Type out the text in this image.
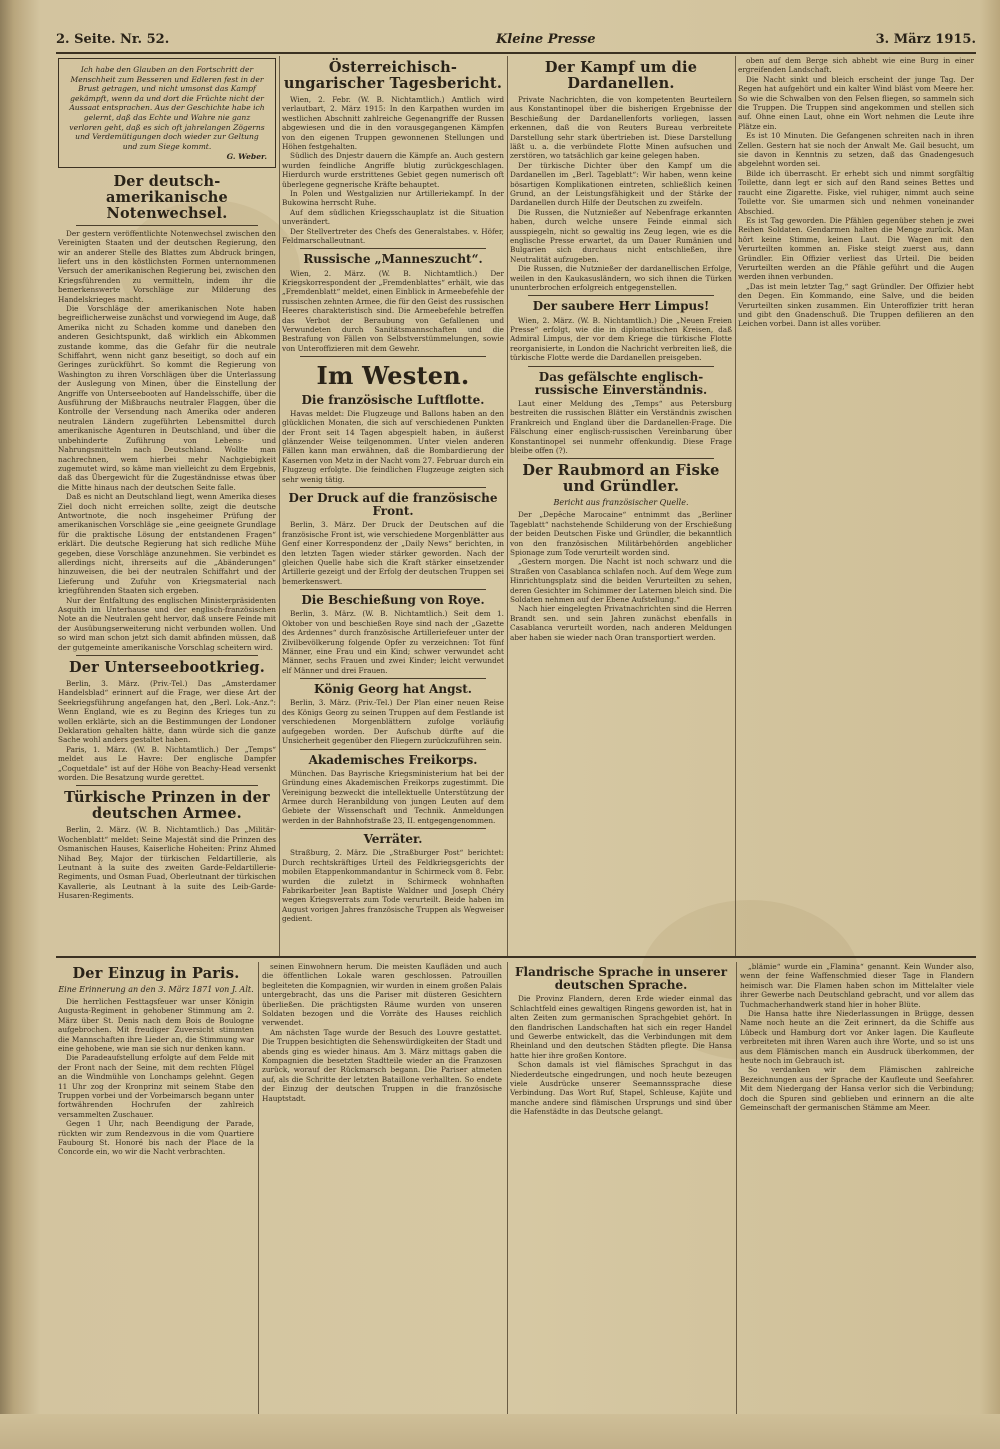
2. Seite. Nr. 52.	Kleine Presse	3. März 1915.
Ich habe den Glauben an den Fortschritt der Menschheit zum Besseren und Edleren fest in der Brust getragen, und nicht umsonst das Kampf gekämpft, wenn da und dort die Früchte nicht der Aussaat entsprachen. Aus der Geschichte habe ich gelernt, daß das Echte und Wahre nie ganz verloren geht, daß es sich oft jahrelangen Zögerns und Verdemütigungen doch wieder zur Geltung und zum Siege kommt.
G. Weber.
Der deutsch-amerikanische Notenwechsel.

Der gestern veröffentlichte Notenwechsel zwischen den Vereinigten Staaten und der deutschen Regierung, den wir an anderer Stelle des Blattes zum Abdruck bringen, liefert uns in den köstlichsten Formen unternommenen Versuch der amerikanischen Regierung bei, zwischen den Kriegsführenden zu vermitteln, indem ihr die bemerkenswerte Vorschläge zur Milderung des Handelskrieges macht.

Die Vorschläge der amerikanischen Note haben begreiflicherweise zunächst und vorwiegend im Auge, daß Amerika nicht zu Schaden komme und daneben den anderen Gesichtspunkt, daß wirklich ein Abkommen zustande komme, das die Gefahr für die neutrale Schiffahrt, wenn nicht ganz beseitigt, so doch auf ein Geringes zurückführt. So kommt die Regierung von Washington zu ihren Vorschlägen über die Unterlassung der Auslegung von Minen, über die Einstellung der Angriffe von Unterseebooten auf Handelsschiffe, über die Ausführung der Mißbrauchs neutraler Flaggen, über die Kontrolle der Versendung nach Amerika oder anderen neutralen Ländern zugeführten Lebensmittel durch amerikanische Agenturen in Deutschland, und über die unbehinderte Zuführung von Lebens- und Nahrungsmitteln nach Deutschland. Wollte man nachrechnen, wem hierbei mehr Nachgiebigkeit zugemutet wird, so käme man vielleicht zu dem Ergebnis, daß das Übergewicht für die Zugeständnisse etwas über die Mitte hinaus nach der deutschen Seite falle.

Daß es nicht an Deutschland liegt, wenn Amerika dieses Ziel doch nicht erreichen sollte, zeigt die deutsche Antwortnote, die noch insgeheimer Prüfung der amerikanischen Vorschläge sie „eine geeignete Grundlage für die praktische Lösung der entstandenen Fragen“ erklärt. Die deutsche Regierung hat sich redliche Mühe gegeben, diese Vorschläge anzunehmen. Sie verbindet es allerdings nicht, ihrerseits auf die „Abänderungen“ hinzuweisen, die bei der neutralen Schiffahrt und der Lieferung und Zufuhr von Kriegsmaterial nach kriegführenden Staaten sich ergeben.

Nur der Entfaltung des englischen Ministerpräsidenten Asquith im Unterhause und der englisch-französischen Note an die Neutralen geht hervor, daß unsere Feinde mit der Ausübungserweiterung nicht verbunden wollen. Und so wird man schon jetzt sich damit abfinden müssen, daß der gutgemeinte amerikanische Vorschlag scheitern wird.

Der Unterseebootkrieg.

Berlin, 3. März. (Priv.-Tel.) Das „Amsterdamer Handelsblad“ erinnert auf die Frage, wer diese Art der Seekriegsführung angefangen hat, den „Berl. Lok.-Anz.“: Wenn England, wie es zu Beginn des Krieges tun zu wollen erklärte, sich an die Bestimmungen der Londoner Deklaration gehalten hätte, dann würde sich die ganze Sache wohl anders gestaltet haben.

Paris, 1. März. (W. B. Nichtamtlich.) Der „Temps“ meldet aus Le Havre: Der englische Dampfer „Coquetdale“ ist auf der Höhe von Beachy-Head versenkt worden. Die Besatzung wurde gerettet.

Türkische Prinzen in der deutschen Armee.

Berlin, 2. März. (W. B. Nichtamtlich.) Das „Militär-Wochenblatt“ meldet: Seine Majestät sind die Prinzen des Osmanischen Hauses, Kaiserliche Hoheiten: Prinz Ahmed Nihad Bey, Major der türkischen Feldartillerie, als Leutnant à la suite des zweiten Garde-Feldartillerie-Regiments, und Osman Fuad, Oberleutnant der türkischen Kavallerie, als Leutnant à la suite des Leib-Garde-Husaren-Regiments.

Österreichisch-ungarischer Tagesbericht.

Wien, 2. Febr. (W. B. Nichtamtlich.) Amtlich wird verlautbart, 2. März 1915: In den Karpathen wurden im westlichen Abschnitt zahlreiche Gegenangriffe der Russen abgewiesen und die in den vorausgegangenen Kämpfen von den eigenen Truppen gewonnenen Stellungen und Höhen festgehalten.

Südlich des Dnjestr dauern die Kämpfe an. Auch gestern wurden feindliche Angriffe blutig zurückgeschlagen. Hierdurch wurde erstrittenes Gebiet gegen numerisch oft überlegene gegnerische Kräfte behauptet.

In Polen und Westgalizien nur Artilleriekampf. In der Bukowina herrscht Ruhe.

Auf dem südlichen Kriegsschauplatz ist die Situation unverändert.

Der Stellvertreter des Chefs des Generalstabes. v. Höfer, Feldmarschalleutnant.

Russische „Manneszucht“.

Wien, 2. März. (W. B. Nichtamtlich.) Der Kriegskorrespondent der „Fremdenblattes“ erhält, wie das „Fremdenblatt“ meldet, einen Einblick in Armeebefehle der russischen zehnten Armee, die für den Geist des russischen Heeres charakteristisch sind. Die Armeebefehle betreffen das Verbot der Beraubung von Gefallenen und Verwundeten durch Sanitätsmannschaften und die Bestrafung von Fällen von Selbstverstümmelungen, sowie von Unteroffizieren mit dem Gewehr.

Im Westen.
Die französische Luftflotte.

Havas meldet: Die Flugzeuge und Ballons haben an den glücklichen Monaten, die sich auf verschiedenen Punkten der Front seit 14 Tagen abgespielt haben, in äußerst glänzender Weise teilgenommen. Unter vielen anderen Fällen kann man erwähnen, daß die Bombardierung der Kasernen von Metz in der Nacht vom 27. Februar durch ein Flugzeug erfolgte. Die feindlichen Flugzeuge zeigten sich sehr wenig tätig.

Der Druck auf die französische Front.

Berlin, 3. März. Der Druck der Deutschen auf die französische Front ist, wie verschiedene Morgenblätter aus Genf einer Korrespondenz der „Daily News“ berichten, in den letzten Tagen wieder stärker geworden. Nach der gleichen Quelle habe sich die Kraft stärker einsetzender Artillerie gezeigt und der Erfolg der deutschen Truppen sei bemerkenswert.

Die Beschießung von Roye.

Berlin, 3. März. (W. B. Nichtamtlich.) Seit dem 1. Oktober von und beschießen Roye sind nach der „Gazette des Ardennes“ durch französische Artilleriefeuer unter der Zivilbevölkerung folgende Opfer zu verzeichnen: Tot fünf Männer, eine Frau und ein Kind; schwer verwundet acht Männer, sechs Frauen und zwei Kinder; leicht verwundet elf Männer und drei Frauen.

König Georg hat Angst.

Berlin, 3. März. (Priv.-Tel.) Der Plan einer neuen Reise des Königs Georg zu seinen Truppen auf dem Festlande ist verschiedenen Morgenblättern zufolge vorläufig aufgegeben worden. Der Aufschub dürfte auf die Unsicherheit gegenüber den Fliegern zurückzuführen sein.

Akademisches Freikorps.

München. Das Bayrische Kriegsministerium hat bei der Gründung eines Akademischen Freikorps zugestimmt. Die Vereinigung bezweckt die intellektuelle Unterstützung der Armee durch Heranbildung von jungen Leuten auf dem Gebiete der Wissenschaft und Technik. Anmeldungen werden in der Bahnhofstraße 23, II. entgegengenommen.

Verräter.

Straßburg, 2. März. Die „Straßburger Post“ berichtet: Durch rechtskräftiges Urteil des Feldkriegsgerichts der mobilen Etappenkommandantur in Schirmeck vom 8. Febr. wurden die zuletzt in Schirmeck wohnhaften Fabrikarbeiter Jean Baptiste Waldner und Joseph Chéry wegen Kriegsverrats zum Tode verurteilt. Beide haben im August vorigen Jahres französische Truppen als Wegweiser gedient.

Der Kampf um die Dardanellen.

Private Nachrichten, die von kompetenten Beurteilern aus Konstantinopel über die bisherigen Ergebnisse der Beschießung der Dardanellenforts vorliegen, lassen erkennen, daß die von Reuters Bureau verbreitete Darstellung sehr stark übertrieben ist. Diese Darstellung läßt u. a. die verbündete Flotte Minen aufsuchen und zerstören, wo tatsächlich gar keine gelegen haben.

Der türkische Dichter über den Kampf um die Dardanellen im „Berl. Tageblatt“: Wir haben, wenn keine bösartigen Komplikationen eintreten, schließlich keinen Grund, an der Leistungsfähigkeit und der Stärke der Dardanellen durch Hilfe der Deutschen zu zweifeln.

Die Russen, die Nutznießer auf Nebenfrage erkannten haben, durch welche unsere Feinde einmal sich ausspiegeln, nicht so gewaltig ins Zeug legen, wie es die englische Presse erwartet, da um Dauer Rumänien und Bulgarien sich durchaus nicht entschließen, ihre Neutralität aufzugeben.

Die Russen, die Nutznießer der dardanellischen Erfolge, weilen in den Kaukasusländern, wo sich ihnen die Türken ununterbrochen erfolgreich entgegenstellen.

Der saubere Herr Limpus!

Wien, 2. März. (W. B. Nichtamtlich.) Die „Neuen Freien Presse“ erfolgt, wie die in diplomatischen Kreisen, daß Admiral Limpus, der vor dem Kriege die türkische Flotte reorganisierte, in London die Nachricht verbreiten ließ, die türkische Flotte werde die Dardanellen preisgeben.

Das gefälschte englisch-russische Einverständnis.

Laut einer Meldung des „Temps“ aus Petersburg bestreiten die russischen Blätter ein Verständnis zwischen Frankreich und England über die Dardanellen-Frage. Die Fälschung einer englisch-russischen Vereinbarung über Konstantinopel sei nunmehr offenkundig. Diese Frage bleibe offen (?).

Der Raubmord an Fiske und Gründler.
Bericht aus französischer Quelle.

Der „Depêche Marocaine“ entnimmt das „Berliner Tageblatt“ nachstehende Schilderung von der Erschießung der beiden Deutschen Fiske und Gründler, die bekanntlich von den französischen Militärbehörden angeblicher Spionage zum Tode verurteilt worden sind.

„Gestern morgen. Die Nacht ist noch schwarz und die Straßen von Casablanca schlafen noch. Auf dem Wege zum Hinrichtungsplatz sind die beiden Verurteilten zu sehen, deren Gesichter im Schimmer der Laternen bleich sind. Die Soldaten nehmen auf der Ebene Aufstellung.“

Nach hier eingelegten Privatnachrichten sind die Herren Brandt sen. und sein Jahren zunächst ebenfalls in Casablanca verurteilt worden, nach anderen Meldungen aber haben sie wieder nach Oran transportiert werden.

oben auf dem Berge sich abhebt wie eine Burg in einer ergreifenden Landschaft.

Die Nacht sinkt und bleich erscheint der junge Tag. Der Regen hat aufgehört und ein kalter Wind bläst vom Meere her. So wie die Schwalben von den Felsen fliegen, so sammeln sich die Truppen. Die Truppen sind angekommen und stellen sich auf. Ohne einen Laut, ohne ein Wort nehmen die Leute ihre Plätze ein.

Es ist 10 Minuten. Die Gefangenen schreiten nach in ihren Zellen. Gestern hat sie noch der Anwalt Me. Gail besucht, um sie davon in Kenntnis zu setzen, daß das Gnadengesuch abgelehnt worden sei.

Bilde ich überrascht. Er erhebt sich und nimmt sorgfältig Toilette, dann legt er sich auf den Rand seines Bettes und raucht eine Zigarette. Fiske, viel ruhiger, nimmt auch seine Toilette vor. Sie umarmen sich und nehmen voneinander Abschied.

Es ist Tag geworden. Die Pfählen gegenüber stehen je zwei Reihen Soldaten. Gendarmen halten die Menge zurück. Man hört keine Stimme, keinen Laut. Die Wagen mit den Verurteilten kommen an. Fiske steigt zuerst aus, dann Gründler. Ein Offizier verliest das Urteil. Die beiden Verurteilten werden an die Pfähle geführt und die Augen werden ihnen verbunden.

„Das ist mein letzter Tag,“ sagt Gründler. Der Offizier hebt den Degen. Ein Kommando, eine Salve, und die beiden Verurteilten sinken zusammen. Ein Unteroffizier tritt heran und gibt den Gnadenschuß. Die Truppen defilieren an den Leichen vorbei. Dann ist alles vorüber.

Der Einzug in Paris.
Eine Erinnerung an den 3. März 1871 von J. Alt.

Die herrlichen Festtagsfeuer war unser Königin Augusta-Regiment in gehobener Stimmung am 2. März über St. Denis nach dem Bois de Boulogne aufgebrochen. Mit freudiger Zuversicht stimmten die Mannschaften ihre Lieder an, die Stimmung war eine gehobene, wie man sie sich nur denken kann.

Die Paradeaufstellung erfolgte auf dem Felde mit der Front nach der Seine, mit dem rechten Flügel an die Windmühle von Lonchamps gelehnt. Gegen 11 Uhr zog der Kronprinz mit seinem Stabe den Truppen vorbei und der Vorbeimarsch begann unter fortwährenden Hochrufen der zahlreich versammelten Zuschauer.

Gegen 1 Uhr, nach Beendigung der Parade, rückten wir zum Rendezvous in die vom Quartiere Faubourg St. Honoré bis nach der Place de la Concorde ein, wo wir die Nacht verbrachten.

seinen Einwohnern herum. Die meisten Kaufläden und auch die öffentlichen Lokale waren geschlossen. Patrouillen begleiteten die Kompagnien, wir wurden in einem großen Palais untergebracht, das uns die Pariser mit düsteren Gesichtern überließen. Die prächtigsten Räume wurden von unseren Soldaten bezogen und die Vorräte des Hauses reichlich verwendet.

Am nächsten Tage wurde der Besuch des Louvre gestattet. Die Truppen besichtigten die Sehenswürdigkeiten der Stadt und abends ging es wieder hinaus. Am 3. März mittags gaben die Kompagnien die besetzten Stadtteile wieder an die Franzosen zurück, worauf der Rückmarsch begann. Die Pariser atmeten auf, als die Schritte der letzten Bataillone verhallten. So endete der Einzug der deutschen Truppen in die französische Hauptstadt.

Flandrische Sprache in unserer deutschen Sprache.

Die Provinz Flandern, deren Erde wieder einmal das Schlachtfeld eines gewaltigen Ringens geworden ist, hat in alten Zeiten zum germanischen Sprachgebiet gehört. In den flandrischen Landschaften hat sich ein reger Handel und Gewerbe entwickelt, das die Verbindungen mit dem Rheinland und den deutschen Städten pflegte. Die Hansa hatte hier ihre großen Kontore.

Schon damals ist viel flämisches Sprachgut in das Niederdeutsche eingedrungen, und noch heute bezeugen viele Ausdrücke unserer Seemannssprache diese Verbindung. Das Wort Ruf, Stapel, Schleuse, Kajüte und manche andere sind flämischen Ursprungs und sind über die Hafenstädte in das Deutsche gelangt.

„blämie“ wurde ein „Flamina“ genannt. Kein Wunder also, wenn der feine Waffenschmied dieser Tage in Flandern heimisch war. Die Flamen haben schon im Mittelalter viele ihrer Gewerbe nach Deutschland gebracht, und vor allem das Tuchmacherhandwerk stand hier in hoher Blüte.

Die Hansa hatte ihre Niederlassungen in Brügge, dessen Name noch heute an die Zeit erinnert, da die Schiffe aus Lübeck und Hamburg dort vor Anker lagen. Die Kaufleute verbreiteten mit ihren Waren auch ihre Worte, und so ist uns aus dem Flämischen manch ein Ausdruck überkommen, der heute noch im Gebrauch ist.

So verdanken wir dem Flämischen zahlreiche Bezeichnungen aus der Sprache der Kaufleute und Seefahrer. Mit dem Niedergang der Hansa verlor sich die Verbindung; doch die Spuren sind geblieben und erinnern an die alte Gemeinschaft der germanischen Stämme am Meer.
